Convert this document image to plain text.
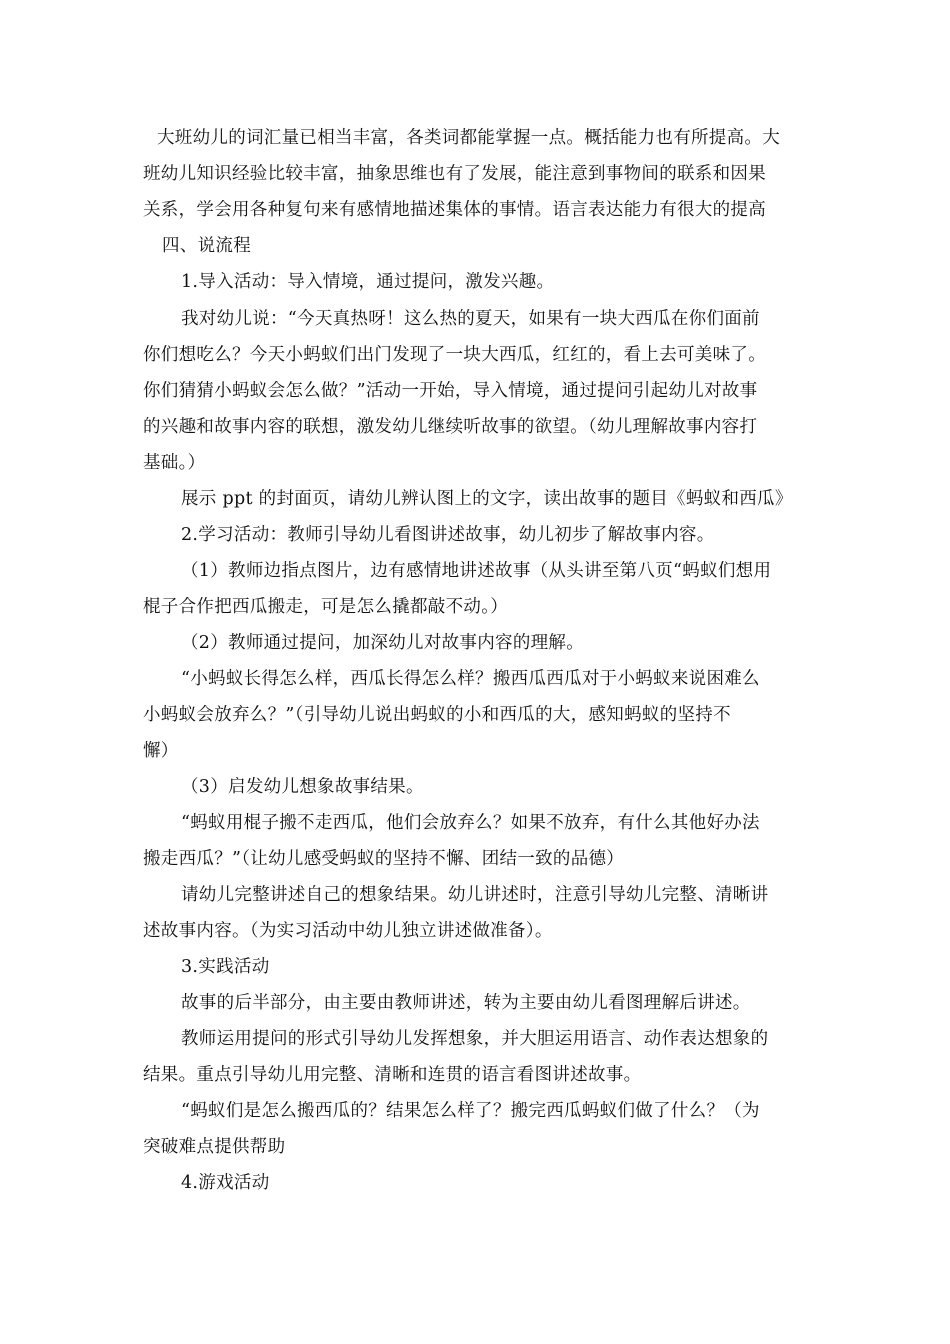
大班幼儿的词汇量已相当丰富，各类词都能掌握一点。概括能力也有所提高。大
班幼儿知识经验比较丰富，抽象思维也有了发展，能注意到事物间的联系和因果
关系，学会用各种复句来有感情地描述集体的事情。语言表达能力有很大的提高
四、说流程
1.导入活动：导入情境，通过提问，激发兴趣。
我对幼儿说：“今天真热呀！这么热的夏天，如果有一块大西瓜在你们面前
你们想吃么？今天小蚂蚁们出门发现了一块大西瓜，红红的，看上去可美味了。
你们猜猜小蚂蚁会怎么做？”活动一开始，导入情境，通过提问引起幼儿对故事
的兴趣和故事内容的联想，激发幼儿继续听故事的欲望。（幼儿理解故事内容打
基础。）
展示 ppt 的封面页，请幼儿辨认图上的文字，读出故事的题目《蚂蚁和西瓜》
2.学习活动：教师引导幼儿看图讲述故事，幼儿初步了解故事内容。
（1）教师边指点图片，边有感情地讲述故事（从头讲至第八页“蚂蚁们想用
棍子合作把西瓜搬走，可是怎么撬都敲不动。）
（2）教师通过提问，加深幼儿对故事内容的理解。
“小蚂蚁长得怎么样，西瓜长得怎么样？搬西瓜西瓜对于小蚂蚁来说困难么
小蚂蚁会放弃么？”（引导幼儿说出蚂蚁的小和西瓜的大，感知蚂蚁的坚持不
懈）
（3）启发幼儿想象故事结果。
“蚂蚁用棍子搬不走西瓜，他们会放弃么？如果不放弃，有什么其他好办法
搬走西瓜？”（让幼儿感受蚂蚁的坚持不懈、团结一致的品德）
请幼儿完整讲述自己的想象结果。幼儿讲述时，注意引导幼儿完整、清晰讲
述故事内容。（为实习活动中幼儿独立讲述做准备）。
3.实践活动
故事的后半部分，由主要由教师讲述，转为主要由幼儿看图理解后讲述。
教师运用提问的形式引导幼儿发挥想象，并大胆运用语言、动作表达想象的
结果。重点引导幼儿用完整、清晰和连贯的语言看图讲述故事。
“蚂蚁们是怎么搬西瓜的？结果怎么样了？搬完西瓜蚂蚁们做了什么？（为
突破难点提供帮助
4.游戏活动
